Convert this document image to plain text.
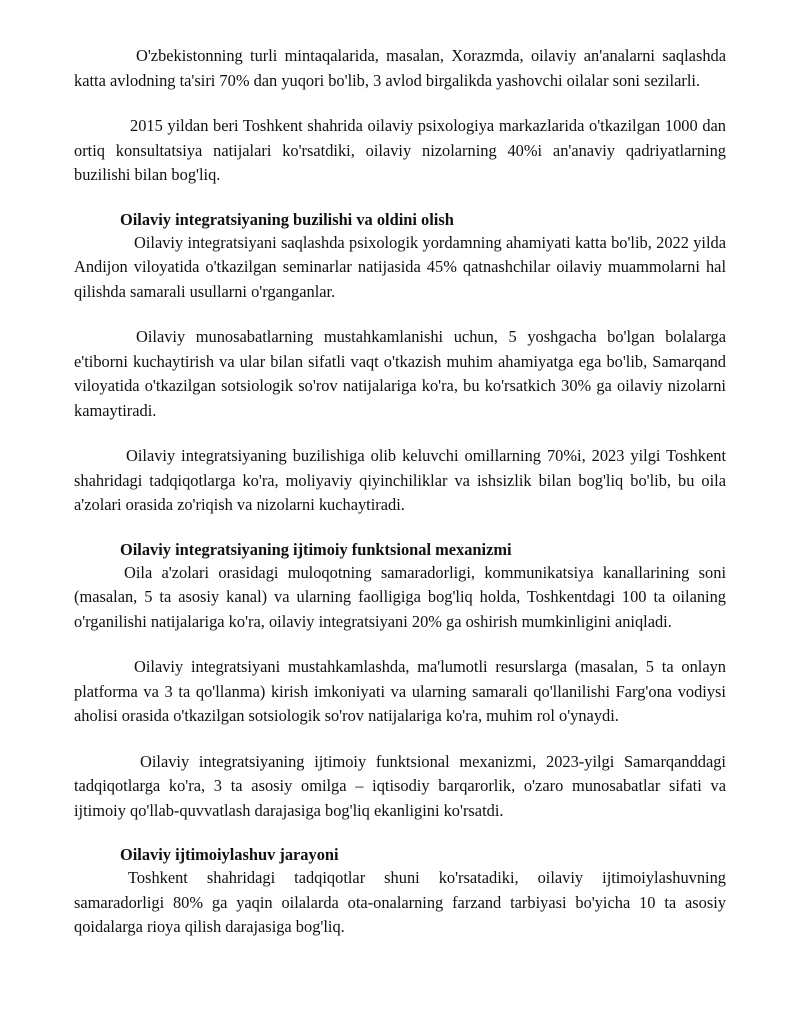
O'zbekistonning turli mintaqalarida, masalan, Xorazmda, oilaviy an'analarni saqlashda katta avlodning ta'siri 70% dan yuqori bo'lib, 3 avlod birgalikda yashovchi oilalar soni sezilarli.

2015 yildan beri Toshkent shahrida oilaviy psixologiya markazlarida o'tkazilgan 1000 dan ortiq konsultatsiya natijalari ko'rsatdiki, oilaviy nizolarning 40%i an'anaviy qadriyatlarning buzilishi bilan bog'liq.

Oilaviy integratsiyaning buzilishi va oldini olish

Oilaviy integratsiyani saqlashda psixologik yordamning ahamiyati katta bo'lib, 2022 yilda Andijon viloyatida o'tkazilgan seminarlar natijasida 45% qatnashchilar oilaviy muammolarni hal qilishda samarali usullarni o'rganganlar.

Oilaviy munosabatlarning mustahkamlanishi uchun, 5 yoshgacha bo'lgan bolalarga e'tiborni kuchaytirish va ular bilan sifatli vaqt o'tkazish muhim ahamiyatga ega bo'lib, Samarqand viloyatida o'tkazilgan sotsiologik so'rov natijalariga ko'ra, bu ko'rsatkich 30% ga oilaviy nizolarni kamaytiradi.

Oilaviy integratsiyaning buzilishiga olib keluvchi omillarning 70%i, 2023 yilgi Toshkent shahridagi tadqiqotlarga ko'ra, moliyaviy qiyinchiliklar va ishsizlik bilan bog'liq bo'lib, bu oila a'zolari orasida zo'riqish va nizolarni kuchaytiradi.

Oilaviy integratsiyaning ijtimoiy funktsional mexanizmi

Oila a'zolari orasidagi muloqotning samaradorligi, kommunikatsiya kanallarining soni (masalan, 5 ta asosiy kanal) va ularning faolligiga bog'liq holda, Toshkentdagi 100 ta oilaning o'rganilishi natijalariga ko'ra, oilaviy integratsiyani 20% ga oshirish mumkinligini aniqladi.

Oilaviy integratsiyani mustahkamlashda, ma'lumotli resurslarga (masalan, 5 ta onlayn platforma va 3 ta qo'llanma) kirish imkoniyati va ularning samarali qo'llanilishi Farg'ona vodiysi aholisi orasida o'tkazilgan sotsiologik so'rov natijalariga ko'ra, muhim rol o'ynaydi.

Oilaviy integratsiyaning ijtimoiy funktsional mexanizmi, 2023-yilgi Samarqanddagi tadqiqotlarga ko'ra, 3 ta asosiy omilga – iqtisodiy barqarorlik, o'zaro munosabatlar sifati va ijtimoiy qo'llab-quvvatlash darajasiga bog'liq ekanligini ko'rsatdi.

Oilaviy ijtimoiylashuv jarayoni

Toshkent shahridagi tadqiqotlar shuni ko'rsatadiki, oilaviy ijtimoiylashuvning samaradorligi 80% ga yaqin oilalarda ota-onalarning farzand tarbiyasi bo'yicha 10 ta asosiy qoidalarga rioya qilish darajasiga bog'liq.
